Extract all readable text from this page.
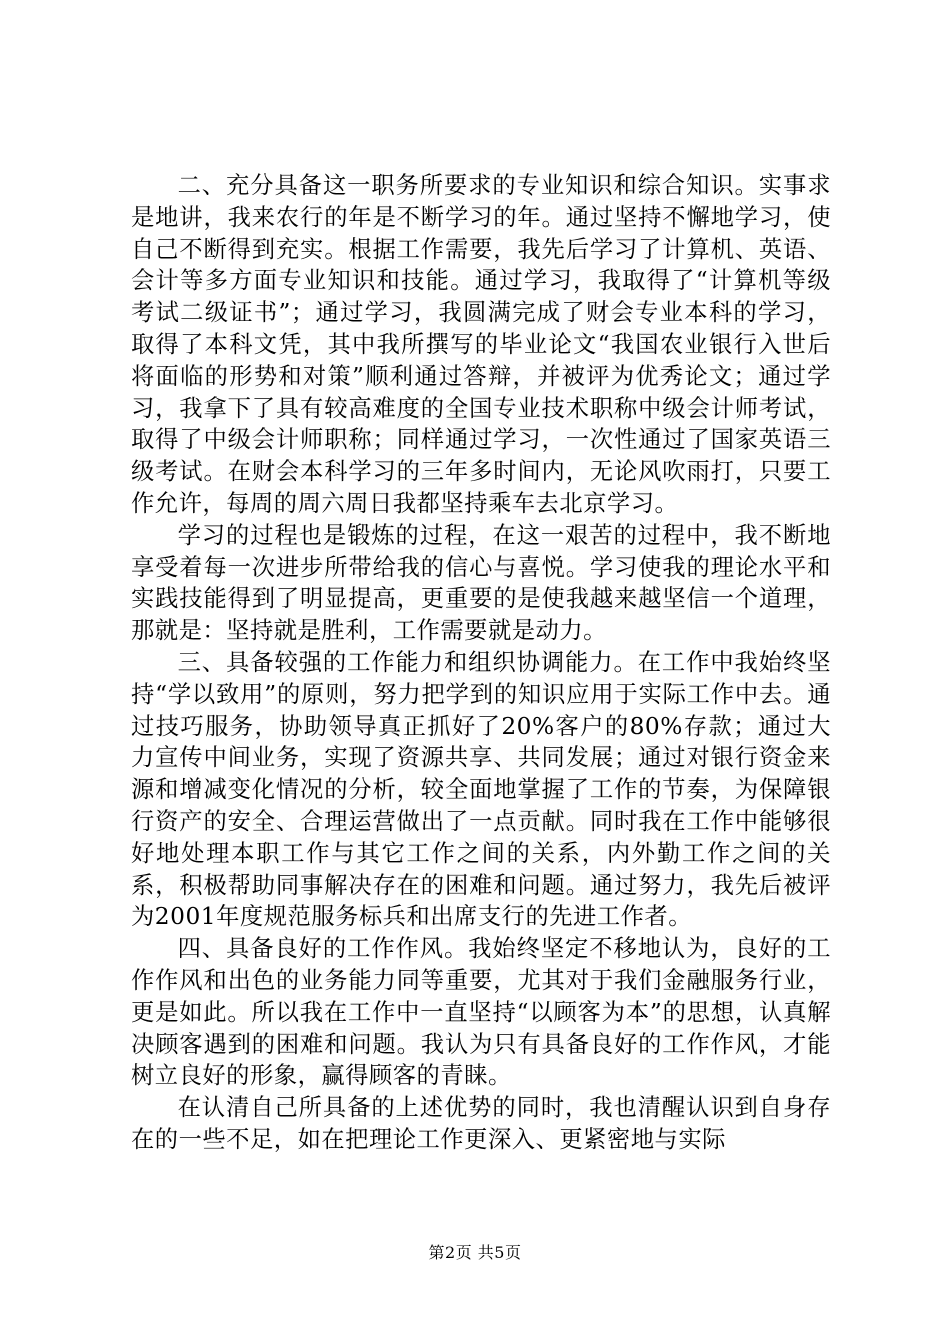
二、充分具备这一职务所要求的专业知识和综合知识。实事求是地讲，我来农行的年是不断学习的年。通过坚持不懈地学习，使自己不断得到充实。根据工作需要，我先后学习了计算机、英语、会计等多方面专业知识和技能。通过学习，我取得了“计算机等级考试二级证书”；通过学习，我圆满完成了财会专业本科的学习，取得了本科文凭，其中我所撰写的毕业论文“我国农业银行入世后将面临的形势和对策”顺利通过答辩，并被评为优秀论文；通过学习，我拿下了具有较高难度的全国专业技术职称中级会计师考试，取得了中级会计师职称；同样通过学习，一次性通过了国家英语三级考试。在财会本科学习的三年多时间内，无论风吹雨打，只要工作允许，每周的周六周日我都坚持乘车去北京学习。

学习的过程也是锻炼的过程，在这一艰苦的过程中，我不断地享受着每一次进步所带给我的信心与喜悦。学习使我的理论水平和实践技能得到了明显提高，更重要的是使我越来越坚信一个道理，那就是：坚持就是胜利，工作需要就是动力。

三、具备较强的工作能力和组织协调能力。在工作中我始终坚持“学以致用”的原则，努力把学到的知识应用于实际工作中去。通过技巧服务，协助领导真正抓好了20%客户的80%存款；通过大力宣传中间业务，实现了资源共享、共同发展；通过对银行资金来源和增减变化情况的分析，较全面地掌握了工作的节奏，为保障银行资产的安全、合理运营做出了一点贡献。同时我在工作中能够很好地处理本职工作与其它工作之间的关系，内外勤工作之间的关系，积极帮助同事解决存在的困难和问题。通过努力，我先后被评为2001年度规范服务标兵和出席支行的先进工作者。

四、具备良好的工作作风。我始终坚定不移地认为，良好的工作作风和出色的业务能力同等重要，尤其对于我们金融服务行业，更是如此。所以我在工作中一直坚持“以顾客为本”的思想，认真解决顾客遇到的困难和问题。我认为只有具备良好的工作作风，才能树立良好的形象，赢得顾客的青睐。

在认清自己所具备的上述优势的同时，我也清醒认识到自身存在的一些不足，如在把理论工作更深入、更紧密地与实际

第2页 共5页
